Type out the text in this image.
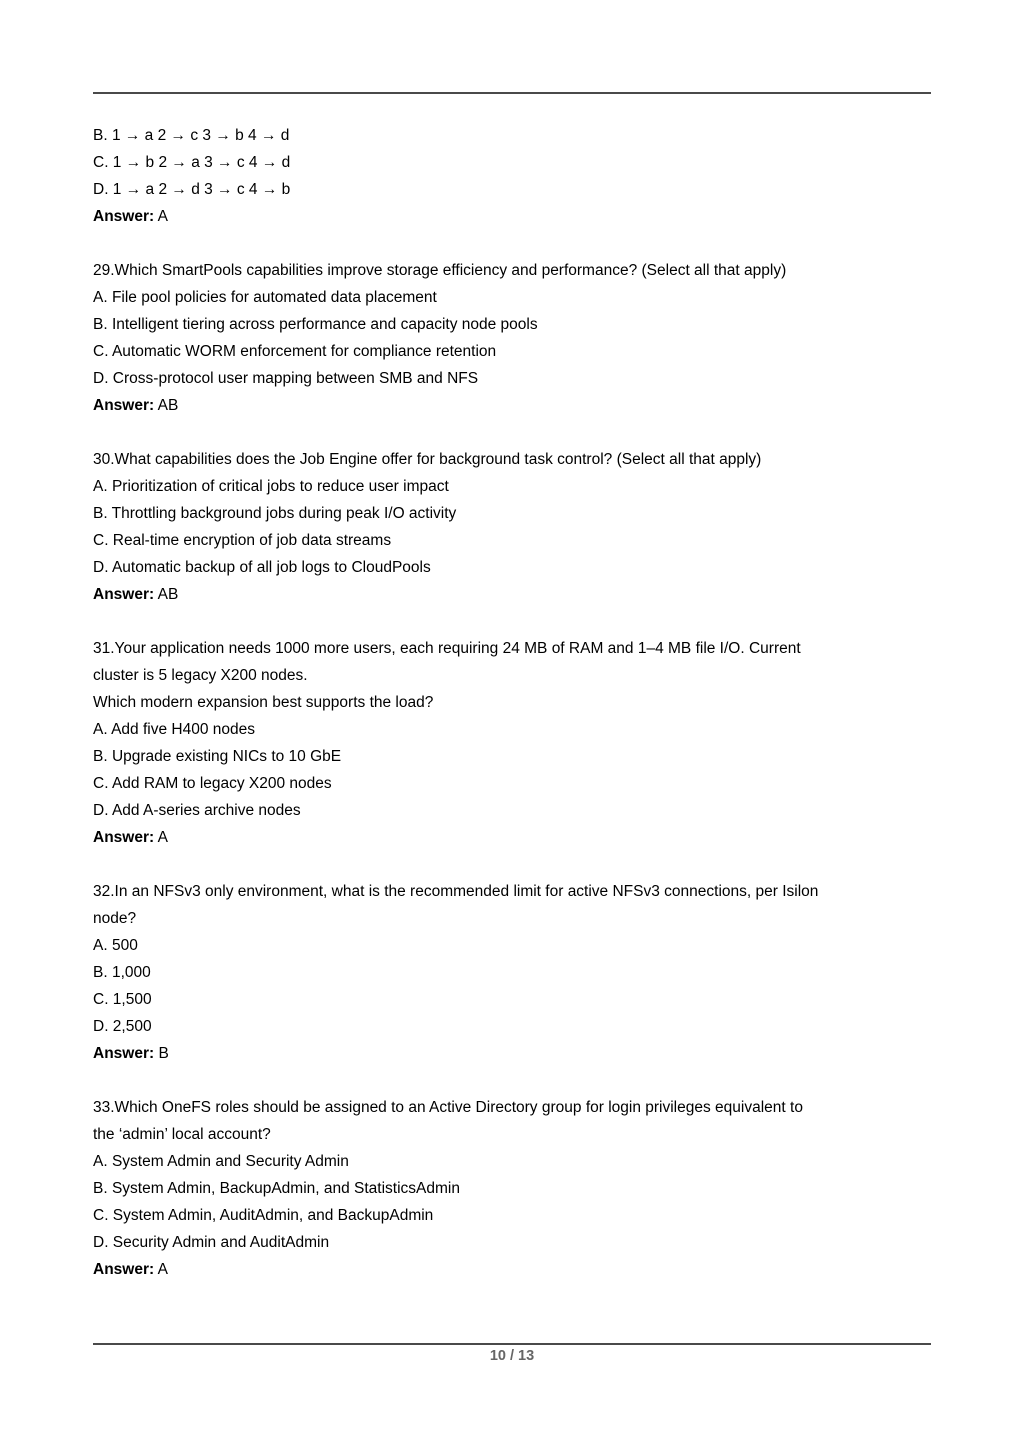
B. 1 → a 2 → c 3 → b 4 → d

C. 1 → b 2 → a 3 → c 4 → d

D. 1 → a 2 → d 3 → c 4 → b

Answer: A

29.Which SmartPools capabilities improve storage efficiency and performance? (Select all that apply)

A. File pool policies for automated data placement

B. Intelligent tiering across performance and capacity node pools

C. Automatic WORM enforcement for compliance retention

D. Cross-protocol user mapping between SMB and NFS

Answer: AB

30.What capabilities does the Job Engine offer for background task control? (Select all that apply)

A. Prioritization of critical jobs to reduce user impact

B. Throttling background jobs during peak I/O activity

C. Real-time encryption of job data streams

D. Automatic backup of all job logs to CloudPools

Answer: AB

31.Your application needs 1000 more users, each requiring 24 MB of RAM and 1–4 MB file I/O. Current

cluster is 5 legacy X200 nodes.

Which modern expansion best supports the load?

A. Add five H400 nodes

B. Upgrade existing NICs to 10 GbE

C. Add RAM to legacy X200 nodes

D. Add A-series archive nodes

Answer: A

32.In an NFSv3 only environment, what is the recommended limit for active NFSv3 connections, per Isilon

node?

A. 500

B. 1,000

C. 1,500

D. 2,500

Answer: B

33.Which OneFS roles should be assigned to an Active Directory group for login privileges equivalent to

the ‘admin’ local account?

A. System Admin and Security Admin

B. System Admin, BackupAdmin, and StatisticsAdmin

C. System Admin, AuditAdmin, and BackupAdmin

D. Security Admin and AuditAdmin

Answer: A

10 / 13
